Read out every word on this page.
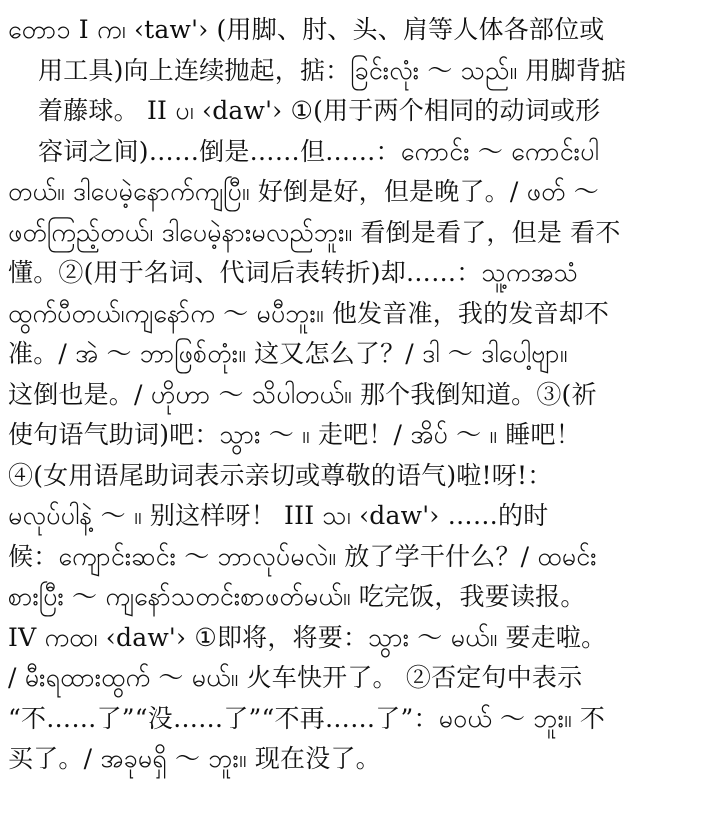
တော၁ I က၊ ‹taw'› (用脚、肘、头、肩等人体各部位或
用工具)向上连续抛起，掂：ခြင်းလုံး ～ သည်။ 用脚背掂
着藤球。 II ပ၊ ‹daw'› ①(用于两个相同的动词或形
容词之间)……倒是……但……：ကောင်း ～ ကောင်းပါ
တယ်။ ဒါပေမဲ့နောက်ကျပြီ။ 好倒是好，但是晚了。/ ဖတ် ～
ဖတ်ကြည့်တယ်၊ ဒါပေမဲ့နားမလည်ဘူး။ 看倒是看了，但是 看不
懂。②(用于名词、代词后表转折)却……：သူ့ကအသံ
ထွက်ပီတယ်၊ကျနော်က ～ မပီဘူး။ 他发音准，我的发音却不
准。/ အဲ ～ ဘာဖြစ်တုံး။ 这又怎么了？/ ဒါ ～ ဒါပေါ့ဗျာ။
这倒也是。/ ဟိုဟာ ～ သိပါတယ်။ 那个我倒知道。③(祈
使句语气助词)吧：သွား ～ ။ 走吧！/ အိပ် ～ ။ 睡吧！
④(女用语尾助词表示亲切或尊敬的语气)啦!呀!：
မလုပ်ပါနဲ့ ～ ။ 别这样呀！ III သ၊ ‹daw'› ……的时
候：ကျောင်းဆင်း ～ ဘာလုပ်မလဲ။ 放了学干什么？/ ထမင်း
စားပြီး ～ ကျနော်သတင်းစာဖတ်မယ်။ 吃完饭，我要读报。
IV ကထ၊ ‹daw'› ①即将，将要：သွား ～ မယ်။ 要走啦。
/ မီးရထားထွက် ～ မယ်။ 火车快开了。 ②否定句中表示
“不……了”“没……了”“不再……了”：မဝယ် ～ ဘူး။ 不
买了。/ အခုမရှိ ～ ဘူး။ 现在没了。
